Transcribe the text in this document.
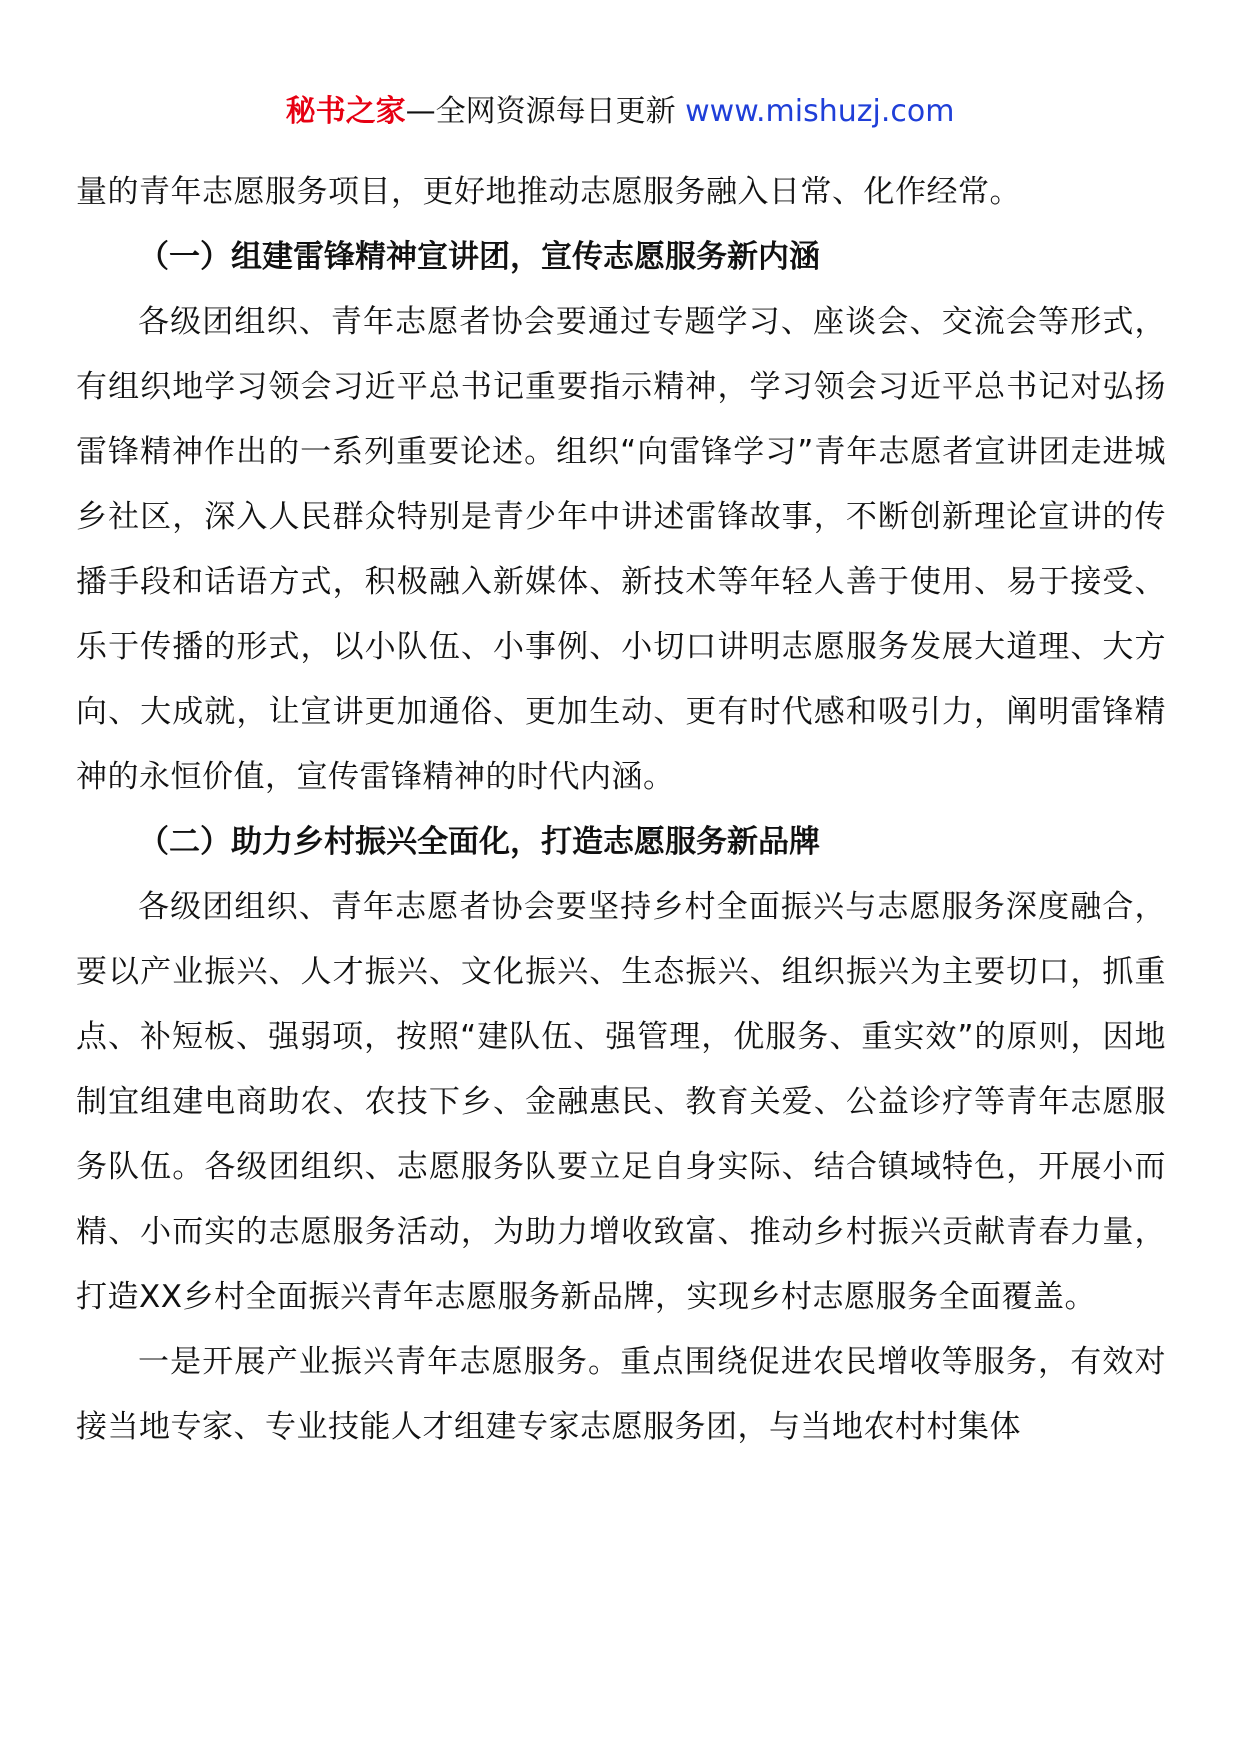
秘书之家—全网资源每日更新 www.mishuzj.com

量的青年志愿服务项目，更好地推动志愿服务融入日常、化作经常。

（一）组建雷锋精神宣讲团，宣传志愿服务新内涵

各级团组织、青年志愿者协会要通过专题学习、座谈会、交流会等形式，有组织地学习领会习近平总书记重要指示精神，学习领会习近平总书记对弘扬雷锋精神作出的一系列重要论述。组织“向雷锋学习”青年志愿者宣讲团走进城乡社区，深入人民群众特别是青少年中讲述雷锋故事，不断创新理论宣讲的传播手段和话语方式，积极融入新媒体、新技术等年轻人善于使用、易于接受、乐于传播的形式，以小队伍、小事例、小切口讲明志愿服务发展大道理、大方向、大成就，让宣讲更加通俗、更加生动、更有时代感和吸引力，阐明雷锋精神的永恒价值，宣传雷锋精神的时代内涵。

（二）助力乡村振兴全面化，打造志愿服务新品牌

各级团组织、青年志愿者协会要坚持乡村全面振兴与志愿服务深度融合，要以产业振兴、人才振兴、文化振兴、生态振兴、组织振兴为主要切口，抓重点、补短板、强弱项，按照“建队伍、强管理，优服务、重实效”的原则，因地制宜组建电商助农、农技下乡、金融惠民、教育关爱、公益诊疗等青年志愿服务队伍。各级团组织、志愿服务队要立足自身实际、结合镇域特色，开展小而精、小而实的志愿服务活动，为助力增收致富、推动乡村振兴贡献青春力量，打造XX乡村全面振兴青年志愿服务新品牌，实现乡村志愿服务全面覆盖。

一是开展产业振兴青年志愿服务。重点围绕促进农民增收等服务，有效对接当地专家、专业技能人才组建专家志愿服务团，与当地农村村集体
